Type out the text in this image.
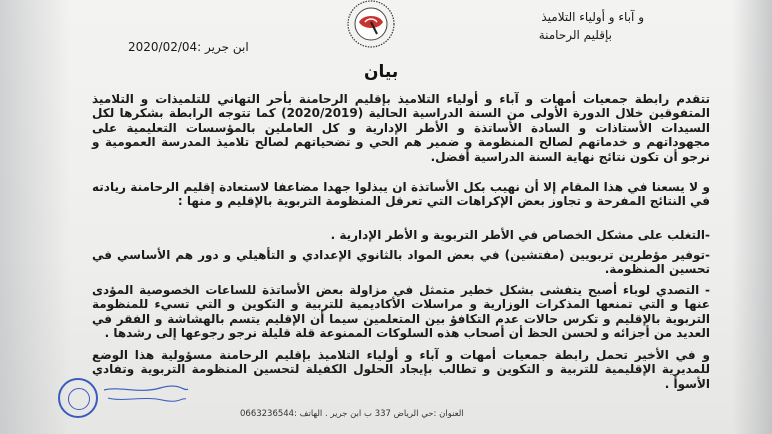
و آباء و أولياء التلاميذ
بإقليم الرحامنة
ابن جرير :2020/02/04
بيان
تتقدم رابطة جمعيات أمهات و آباء و أولياء التلاميذ بإقليم الرحامنة بأحر التهاني للتلميذات و التلاميذ المتفوقين خلال الدورة الأولى من السنة الدراسية الحالية (2020/2019) كما تتوجه الرابطة بشكرها لكل السيدات الأستاذات و السادة الأساتذة و الأطر الإدارية و كل العاملين بالمؤسسات التعليمية على مجهوداتهم و خدماتهم لصالح المنظومة و ضمير هم الحي و تضحياتهم لصالح تلاميذ المدرسة العمومية و نرجو أن تكون نتائج نهاية السنة الدراسية أفضل.
و لا يسعنا في هذا المقام إلا أن نهيب بكل الأساتذة ان يبذلوا جهدا مضاعفا لاستعادة إقليم الرحامنة ريادته في النتائج المفرحة و تجاوز بعض الإكراهات التي تعرقل المنظومة التربوية بالإقليم و منها :
-التغلب على مشكل الخصاص في الأطر التربوية و الأطر الإدارية .
-توفير مؤطرين تربويين (مفتشين) في بعض المواد بالثانوي الإعدادي و التأهيلي و دور هم الأساسي في تحسين المنظومة.
- التصدي لوباء أصبح يتفشى بشكل خطير متمثل في مزاولة بعض الأساتذة للساعات الخصوصية المؤدى عنها و التي تمنعها المذكرات الوزارية و مراسلات الأكاديمية للتربية و التكوين و التي تسيء للمنظومة التربوية بالإقليم و تكرس حالات عدم التكافؤ بين المتعلمين سيما أن الإقليم يتسم بالهشاشة و الفقر في العديد من أجزائه و لحسن الحظ أن أصحاب هذه السلوكات الممنوعة قلة قليلة نرجو رجوعها إلى رشدها .
و في الأخير تحمل رابطة جمعيات أمهات و آباء و أولياء التلاميذ بإقليم الرحامنة مسؤولية هذا الوضع للمديرية الإقليمية للتربية و التكوين و تطالب بإيجاد الحلول الكفيلة لتحسين المنظومة التربوية وتفادي الأسوأ .
العنوان :حي الرياض 337 ب ابن جرير . الهاتف :0663236544
